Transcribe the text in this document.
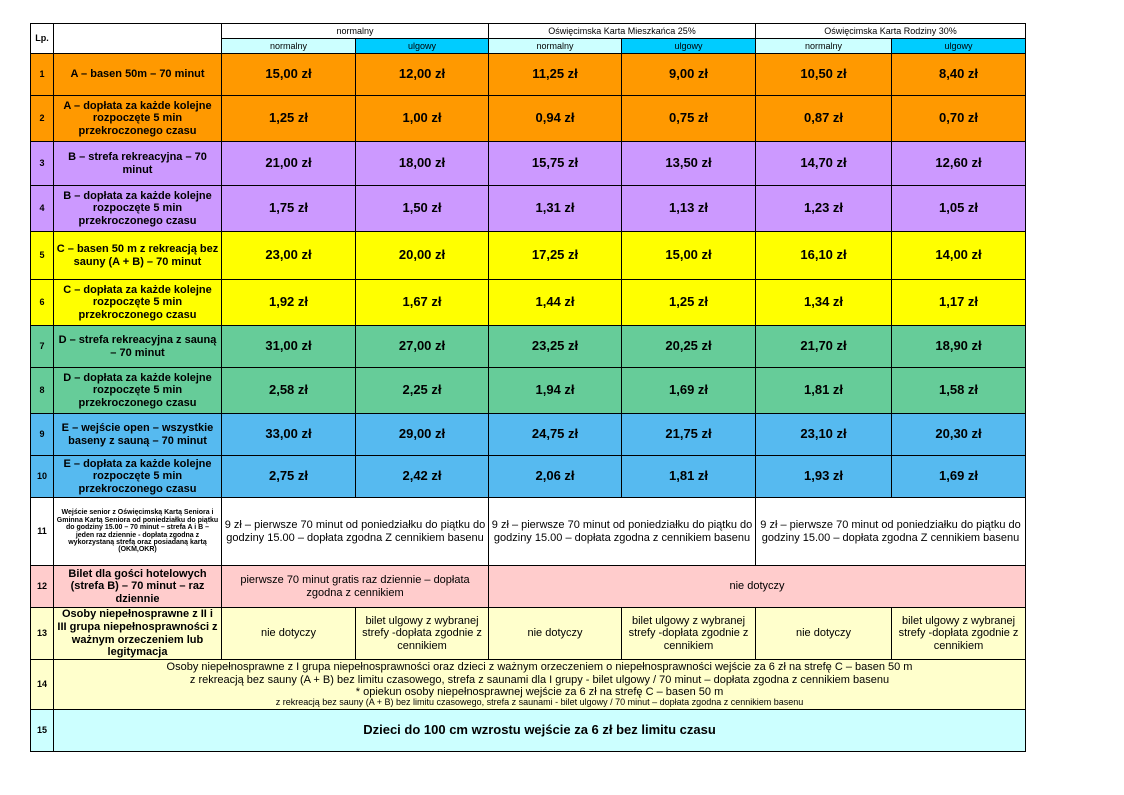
Lp.		normalny		Oświęcimska Karta Mieszkańca 25%		Oświęcimska Karta Rodziny 30%	
		normalny	ulgowy	normalny	ulgowy	normalny	ulgowy
1	A – basen 50m – 70 minut	15,00 zł	12,00 zł	11,25 zł	9,00 zł	10,50 zł	8,40 zł
2	A – dopłata za każde kolejne rozpoczęte 5 min przekroczonego czasu	1,25 zł	1,00 zł	0,94 zł	0,75 zł	0,87 zł	0,70 zł
3	B – strefa rekreacyjna – 70 minut	21,00 zł	18,00 zł	15,75 zł	13,50 zł	14,70 zł	12,60 zł
4	B – dopłata za każde kolejne rozpoczęte 5 min przekroczonego czasu	1,75 zł	1,50 zł	1,31 zł	1,13 zł	1,23 zł	1,05 zł
5	C – basen 50 m z rekreacją bez sauny (A + B) – 70 minut	23,00 zł	20,00 zł	17,25 zł	15,00 zł	16,10 zł	14,00 zł
6	C – dopłata za każde kolejne rozpoczęte 5 min przekroczonego czasu	1,92 zł	1,67 zł	1,44 zł	1,25 zł	1,34 zł	1,17 zł
7	D – strefa rekreacyjna z sauną – 70 minut	31,00 zł	27,00 zł	23,25 zł	20,25 zł	21,70 zł	18,90 zł
8	D – dopłata za każde kolejne rozpoczęte 5 min przekroczonego czasu	2,58 zł	2,25 zł	1,94 zł	1,69 zł	1,81 zł	1,58 zł
9	E – wejście open – wszystkie baseny z sauną – 70 minut	33,00 zł	29,00 zł	24,75 zł	21,75 zł	23,10 zł	20,30 zł
10	E – dopłata za każde kolejne rozpoczęte 5 min przekroczonego czasu	2,75 zł	2,42 zł	2,06 zł	1,81 zł	1,93 zł	1,69 zł
11	Wejście senior z Oświęcimską Kartą Seniora i Gminna Kartą Seniora od poniedziałku do piątku do godziny 15.00 – 70 minut – strefa A i B – jeden raz dziennie - dopłata zgodna z wykorzystaną strefą oraz posiadaną kartą (OKM,OKR)	9 zł – pierwsze 70 minut od poniedziałku do piątku do godziny 15.00 – dopłata zgodna Z cennikiem basenu		9 zł – pierwsze 70 minut od poniedziałku do piątku do godziny 15.00 – dopłata zgodna z cennikiem basenu		9 zł – pierwsze 70 minut od poniedziałku do piątku do godziny 15.00 – dopłata zgodna Z cennikiem basenu	
12	Bilet dla gości hotelowych (strefa B) – 70 minut – raz dziennie	pierwsze 70 minut gratis raz dziennie – dopłata zgodna z cennikiem		nie dotyczy			
13	Osoby niepełnosprawne z II i III grupa niepełnosprawności z ważnym orzeczeniem lub legitymacja	nie dotyczy	bilet ulgowy z wybranej strefy -dopłata zgodnie z cennikiem	nie dotyczy	bilet ulgowy z wybranej strefy -dopłata zgodnie z cennikiem	nie dotyczy	bilet ulgowy z wybranej strefy -dopłata zgodnie z cennikiem
14	Osoby niepełnosprawne z I grupa niepełnosprawności oraz dzieci z ważnym orzeczeniem o niepełnosprawności wejście za 6 zł na strefę C – basen 50 m
z rekreacją bez sauny (A + B) bez limitu czasowego, strefa z saunami dla I grupy - bilet ulgowy / 70 minut – dopłata zgodna z cennikiem basenu
* opiekun osoby niepełnosprawnej wejście za 6 zł na strefę C – basen 50 m
z rekreacją bez sauny (A + B) bez limitu czasowego, strefa z saunami - bilet ulgowy / 70 minut – dopłata zgodna z cennikiem basenu						

15	Dzieci do 100 cm wzrostu wejście za 6 zł bez limitu czasu						
